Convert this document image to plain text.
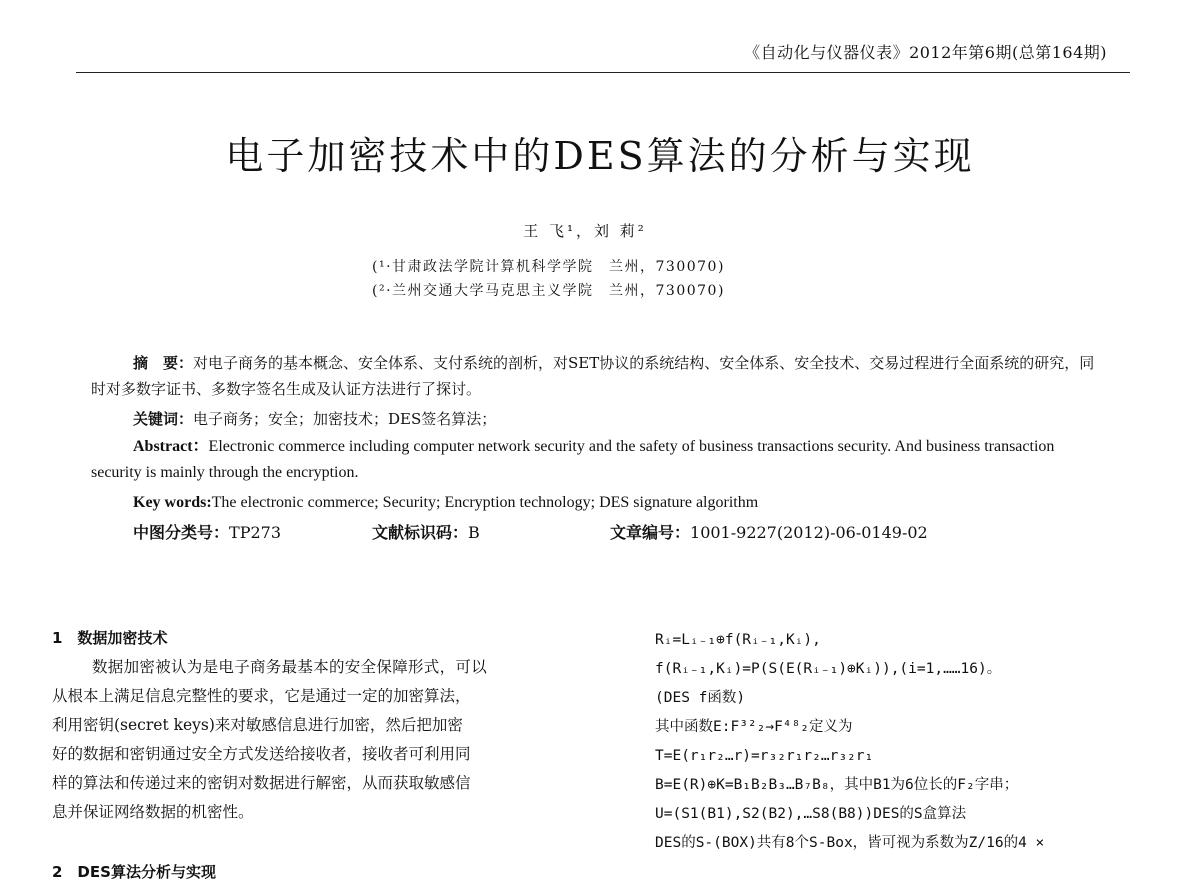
《自动化与仪器仪表》2012年第6期(总第164期)
电子加密技术中的DES算法的分析与实现
王 飞¹，刘 莉²
(¹·甘肃政法学院计算机科学学院　兰州，730070)
(²·兰州交通大学马克思主义学院　兰州，730070)
摘　要：对电子商务的基本概念、安全体系、支付系统的剖析，对SET协议的系统结构、安全体系、安全技术、交易过程进行全面系统的研究，同时对多数字证书、多数字签名生成及认证方法进行了探讨。
关键词：电子商务；安全；加密技术；DES签名算法；
Abstract：Electronic commerce including computer network security and the safety of business transactions security. And business transaction security is mainly through the encryption.
Key words:The electronic commerce; Security; Encryption technology; DES signature algorithm
中图分类号：TP273	文献标识码：B	文章编号：1001-9227(2012)-06-0149-02
1　数据加密技术
数据加密被认为是电子商务最基本的安全保障形式，可以
从根本上满足信息完整性的要求，它是通过一定的加密算法，
利用密钥(secret keys)来对敏感信息进行加密，然后把加密
好的数据和密钥通过安全方式发送给接收者，接收者可利用同
样的算法和传递过来的密钥对数据进行解密，从而获取敏感信
息并保证网络数据的机密性。
2　DES算法分析与实现
Rᵢ=Lᵢ₋₁⊕f(Rᵢ₋₁,Kᵢ),
f(Rᵢ₋₁,Kᵢ)=P(S(E(Rᵢ₋₁)⊕Kᵢ)),(i=1,……16)。
(DES f函数)
其中函数E:F³²₂→F⁴⁸₂定义为
T=E(r₁r₂…r)=r₃₂r₁r₂…r₃₂r₁
B=E(R)⊕K=B₁B₂B₃…B₇B₈，其中B1为6位长的F₂字串；
U=(S1(B1),S2(B2),…S8(B8))DES的S盒算法
DES的S-(BOX)共有8个S-Box，皆可视为系数为Z/16的4 ×
